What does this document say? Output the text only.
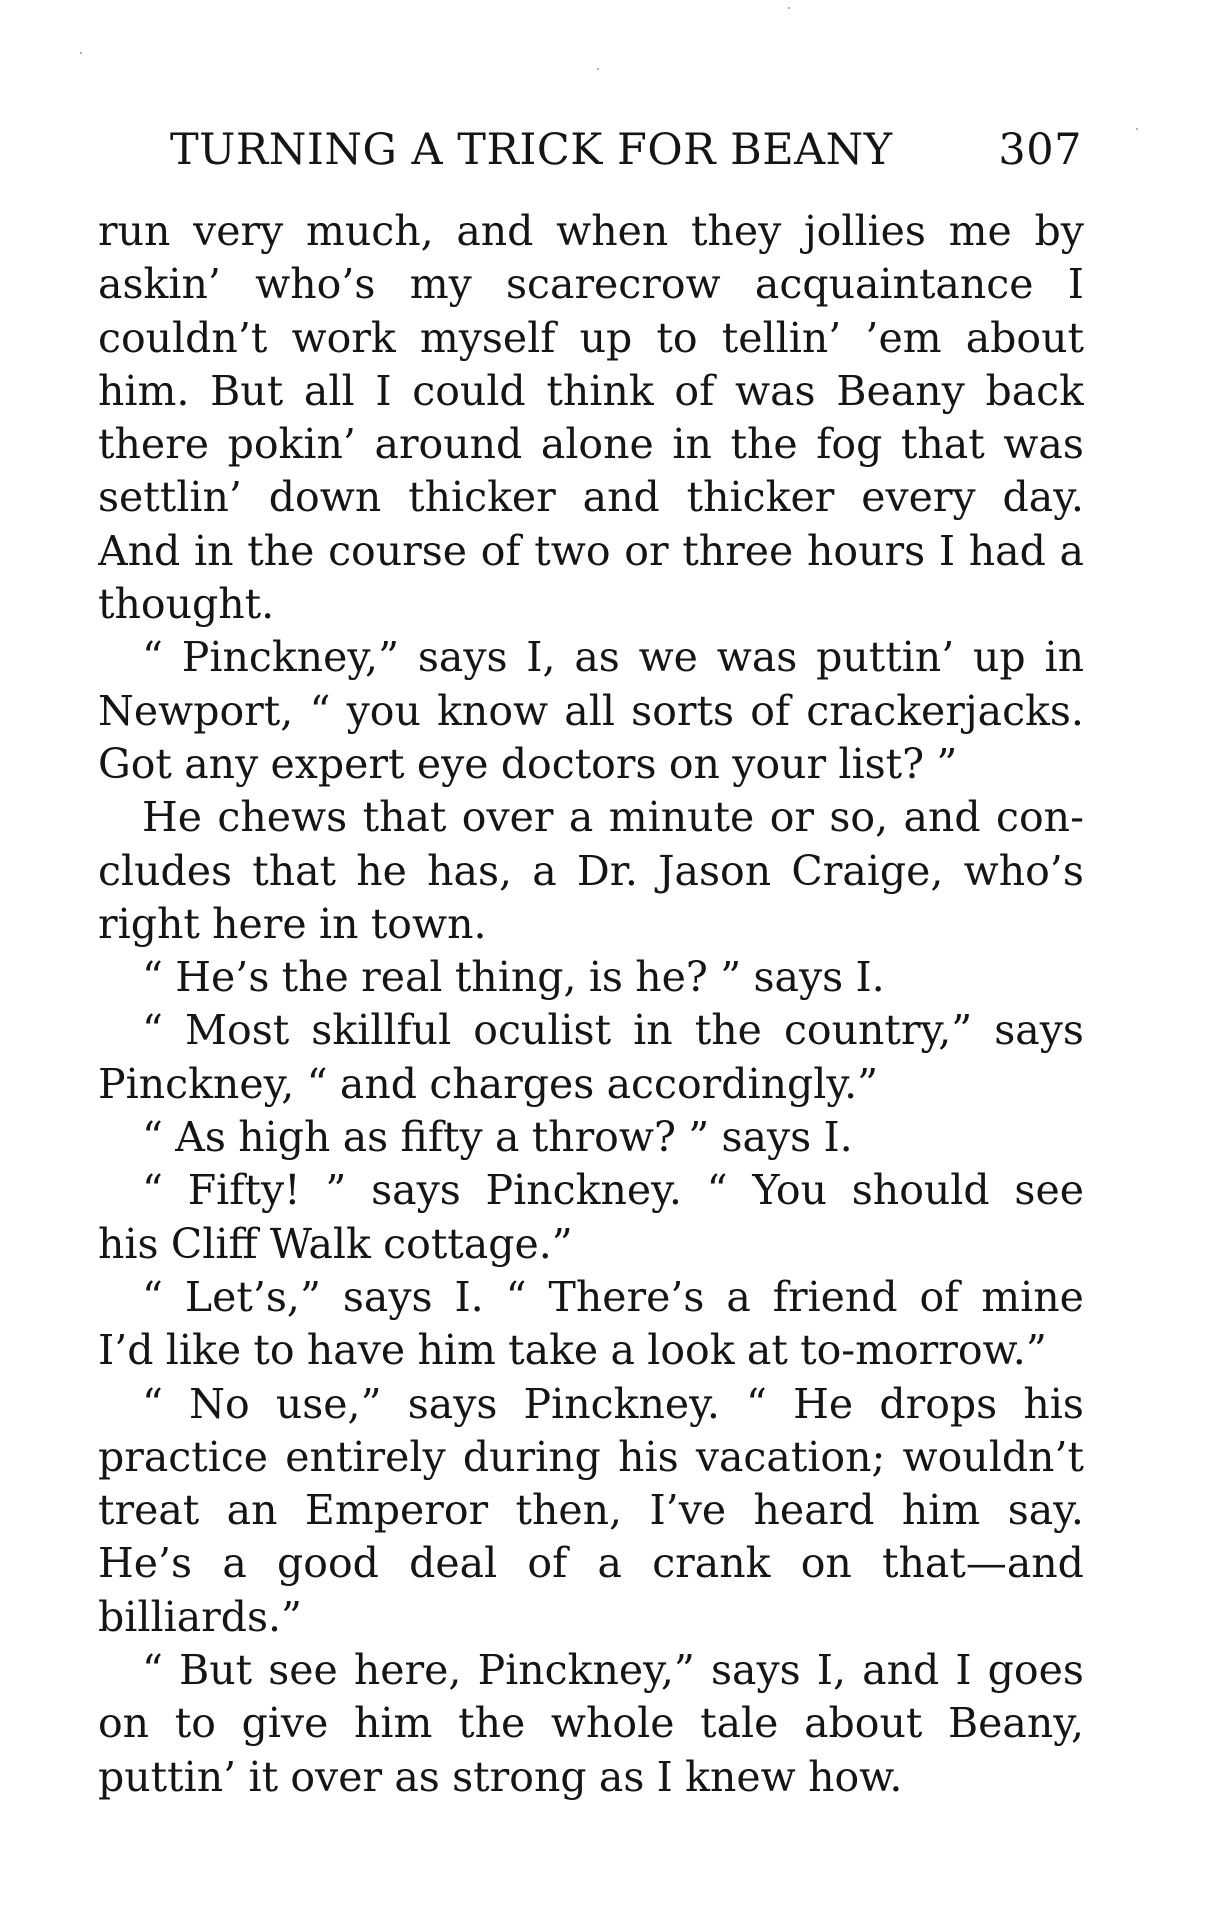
TURNING A TRICK FOR BEANY 307
run very much, and when they jollies me by
askin’ who’s my scarecrow acquaintance I
couldn’t work myself up to tellin’ ’em about
him. But all I could think of was Beany back
there pokin’ around alone in the fog that was
settlin’ down thicker and thicker every day.
And in the course of two or three hours I had a
thought.
“ Pinckney,” says I, as we was puttin’ up in
Newport, “ you know all sorts of crackerjacks.
Got any expert eye doctors on your list? ”
He chews that over a minute or so, and con-
cludes that he has, a Dr. Jason Craige, who’s
right here in town.
“ He’s the real thing, is he? ” says I.
“ Most skillful oculist in the country,” says
Pinckney, “ and charges accordingly.”
“ As high as fifty a throw? ” says I.
“ Fifty! ” says Pinckney. “ You should see
his Cliff Walk cottage.”
“ Let’s,” says I. “ There’s a friend of mine
I’d like to have him take a look at to-morrow.”
“ No use,” says Pinckney. “ He drops his
practice entirely during his vacation; wouldn’t
treat an Emperor then, I’ve heard him say.
He’s a good deal of a crank on that—and
billiards.”
“ But see here, Pinckney,” says I, and I goes
on to give him the whole tale about Beany,
puttin’ it over as strong as I knew how.
